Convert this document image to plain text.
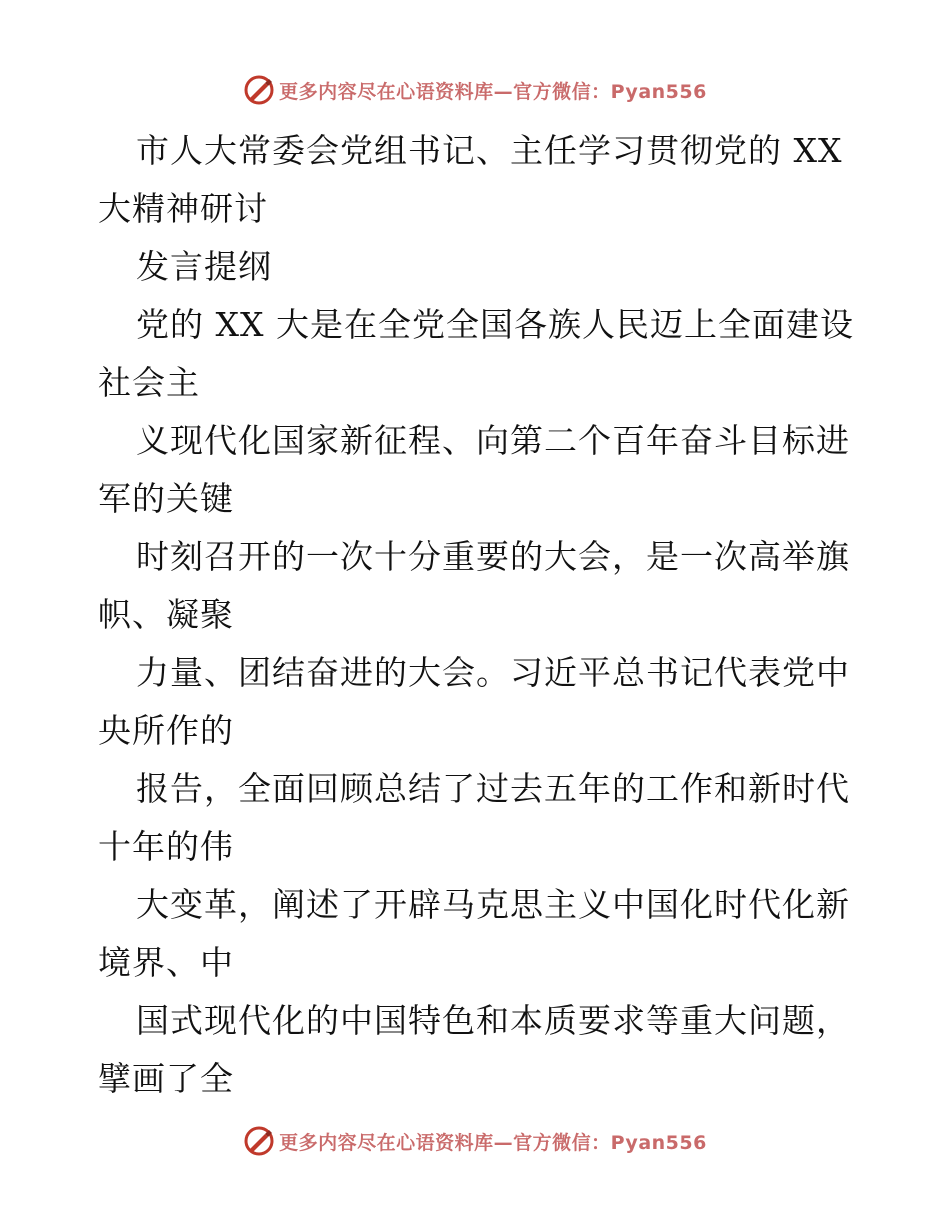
更多内容尽在心语资料库—官方微信：Pyan556
市人大常委会党组书记、主任学习贯彻党的 XX
大精神研讨
发言提纲
党的 XX 大是在全党全国各族人民迈上全面建设
社会主
义现代化国家新征程、向第二个百年奋斗目标进
军的关键
时刻召开的一次十分重要的大会，是一次高举旗
帜、凝聚
力量、团结奋进的大会。习近平总书记代表党中
央所作的
报告，全面回顾总结了过去五年的工作和新时代
十年的伟
大变革，阐述了开辟马克思主义中国化时代化新
境界、中
国式现代化的中国特色和本质要求等重大问题，
擘画了全
更多内容尽在心语资料库—官方微信：Pyan556
